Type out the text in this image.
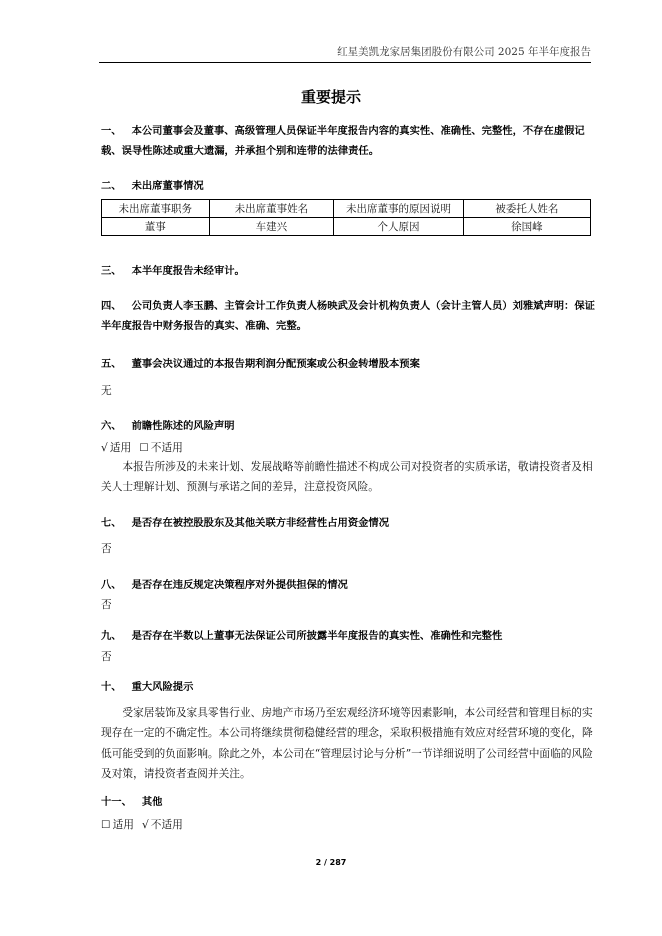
红星美凯龙家居集团股份有限公司 2025 年半年度报告
重要提示
一、 本公司董事会及董事、高级管理人员保证半年度报告内容的真实性、准确性、完整性，不存在虚假记载、误导性陈述或重大遗漏，并承担个别和连带的法律责任。
二、 未出席董事情况
未出席董事职务	未出席董事姓名	未出席董事的原因说明	被委托人姓名
董事	车建兴	个人原因	徐国峰
三、 本半年度报告未经审计。
四、 公司负责人李玉鹏、主管会计工作负责人杨映武及会计机构负责人（会计主管人员）刘雅斌声明：保证半年度报告中财务报告的真实、准确、完整。
五、 董事会决议通过的本报告期利润分配预案或公积金转增股本预案
无
六、 前瞻性陈述的风险声明
√ 适用 ☐ 不适用
本报告所涉及的未来计划、发展战略等前瞻性描述不构成公司对投资者的实质承诺，敬请投资者及相关人士理解计划、预测与承诺之间的差异，注意投资风险。
七、 是否存在被控股股东及其他关联方非经营性占用资金情况
否
八、 是否存在违反规定决策程序对外提供担保的情况
否
九、 是否存在半数以上董事无法保证公司所披露半年度报告的真实性、准确性和完整性
否
十、 重大风险提示
受家居装饰及家具零售行业、房地产市场乃至宏观经济环境等因素影响，本公司经营和管理目标的实现存在一定的不确定性。本公司将继续贯彻稳健经营的理念，采取积极措施有效应对经营环境的变化，降低可能受到的负面影响。除此之外，本公司在“管理层讨论与分析”一节详细说明了公司经营中面临的风险及对策，请投资者查阅并关注。
十一、 其他
☐ 适用 √ 不适用
2 / 287
